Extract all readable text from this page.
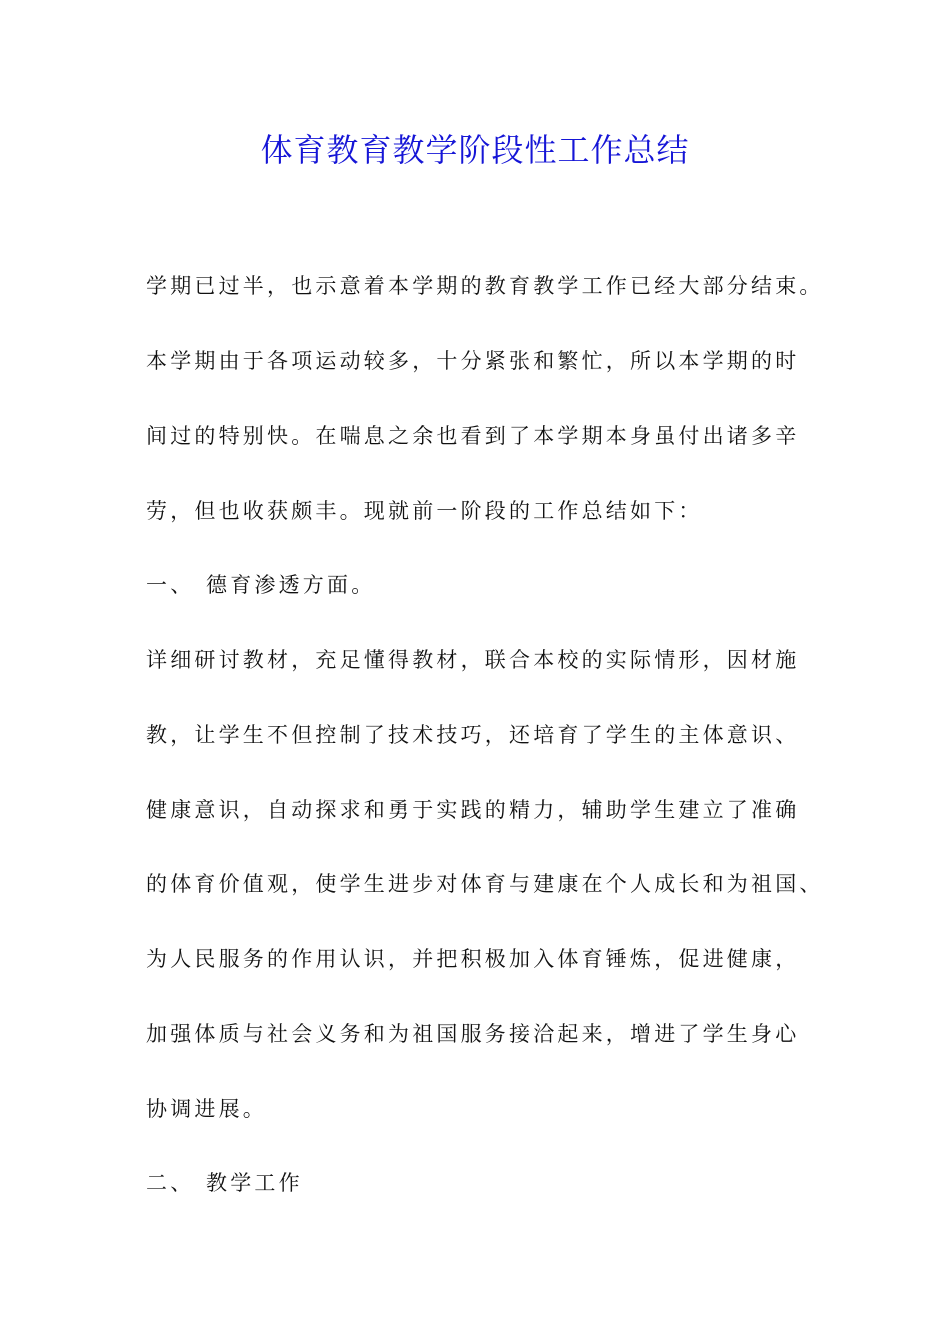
体育教育教学阶段性工作总结
学期已过半，也示意着本学期的教育教学工作已经大部分结束。
本学期由于各项运动较多，十分紧张和繁忙，所以本学期的时
间过的特别快。在喘息之余也看到了本学期本身虽付出诸多辛
劳，但也收获颇丰。现就前一阶段的工作总结如下：
一、 德育渗透方面。
详细研讨教材，充足懂得教材，联合本校的实际情形，因材施
教，让学生不但控制了技术技巧，还培育了学生的主体意识、
健康意识，自动探求和勇于实践的精力，辅助学生建立了准确
的体育价值观，使学生进步对体育与建康在个人成长和为祖国、
为人民服务的作用认识，并把积极加入体育锤炼，促进健康，
加强体质与社会义务和为祖国服务接洽起来，增进了学生身心
协调进展。
二、 教学工作
